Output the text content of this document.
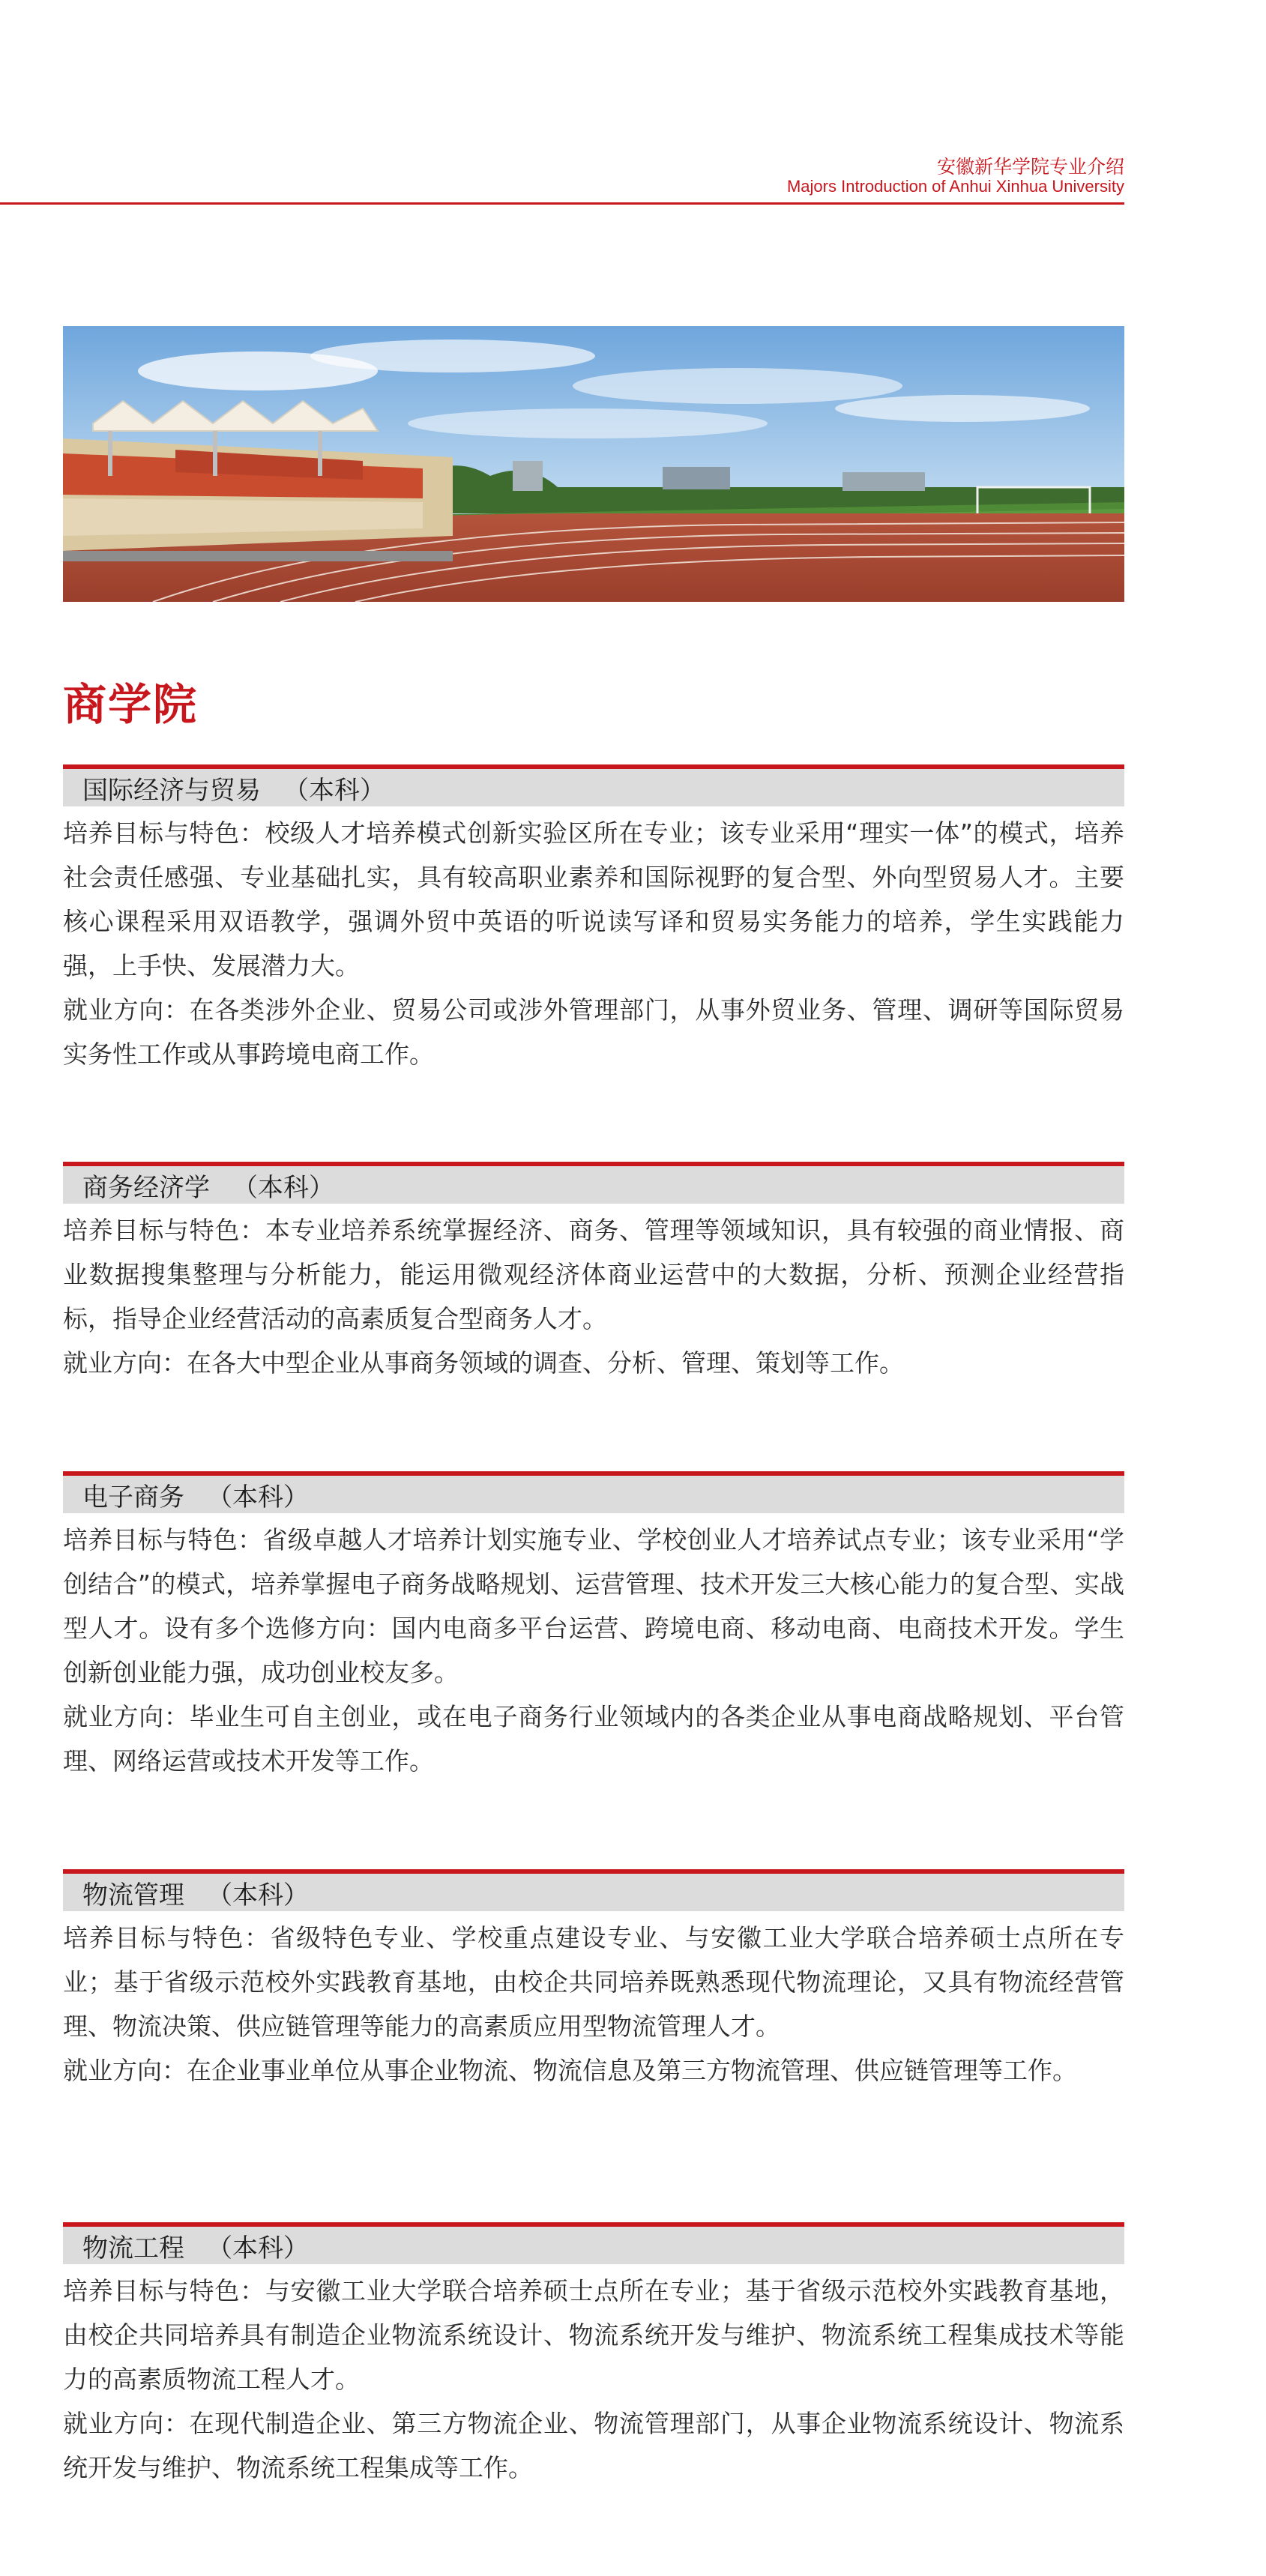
安徽新华学院专业介绍
Majors Introduction of Anhui Xinhua University
商学院
国际经济与贸易 （本科）

培养目标与特色：校级人才培养模式创新实验区所在专业；该专业采用“理实一体”的模式，培养社会责任感强、专业基础扎实，具有较高职业素养和国际视野的复合型、外向型贸易人才。主要核心课程采用双语教学，强调外贸中英语的听说读写译和贸易实务能力的培养，学生实践能力强，上手快、发展潜力大。

就业方向：在各类涉外企业、贸易公司或涉外管理部门，从事外贸业务、管理、调研等国际贸易实务性工作或从事跨境电商工作。

商务经济学 （本科）

培养目标与特色：本专业培养系统掌握经济、商务、管理等领域知识，具有较强的商业情报、商业数据搜集整理与分析能力，能运用微观经济体商业运营中的大数据，分析、预测企业经营指标，指导企业经营活动的高素质复合型商务人才。

就业方向：在各大中型企业从事商务领域的调查、分析、管理、策划等工作。

电子商务 （本科）

培养目标与特色：省级卓越人才培养计划实施专业、学校创业人才培养试点专业；该专业采用“学创结合”的模式，培养掌握电子商务战略规划、运营管理、技术开发三大核心能力的复合型、实战型人才。设有多个选修方向：国内电商多平台运营、跨境电商、移动电商、电商技术开发。学生创新创业能力强，成功创业校友多。

就业方向：毕业生可自主创业，或在电子商务行业领域内的各类企业从事电商战略规划、平台管理、网络运营或技术开发等工作。

物流管理 （本科）

培养目标与特色：省级特色专业、学校重点建设专业、与安徽工业大学联合培养硕士点所在专业；基于省级示范校外实践教育基地，由校企共同培养既熟悉现代物流理论，又具有物流经营管理、物流决策、供应链管理等能力的高素质应用型物流管理人才。

就业方向：在企业事业单位从事企业物流、物流信息及第三方物流管理、供应链管理等工作。

物流工程 （本科）

培养目标与特色：与安徽工业大学联合培养硕士点所在专业；基于省级示范校外实践教育基地，由校企共同培养具有制造企业物流系统设计、物流系统开发与维护、物流系统工程集成技术等能力的高素质物流工程人才。

就业方向：在现代制造企业、第三方物流企业、物流管理部门，从事企业物流系统设计、物流系统开发与维护、物流系统工程集成等工作。
